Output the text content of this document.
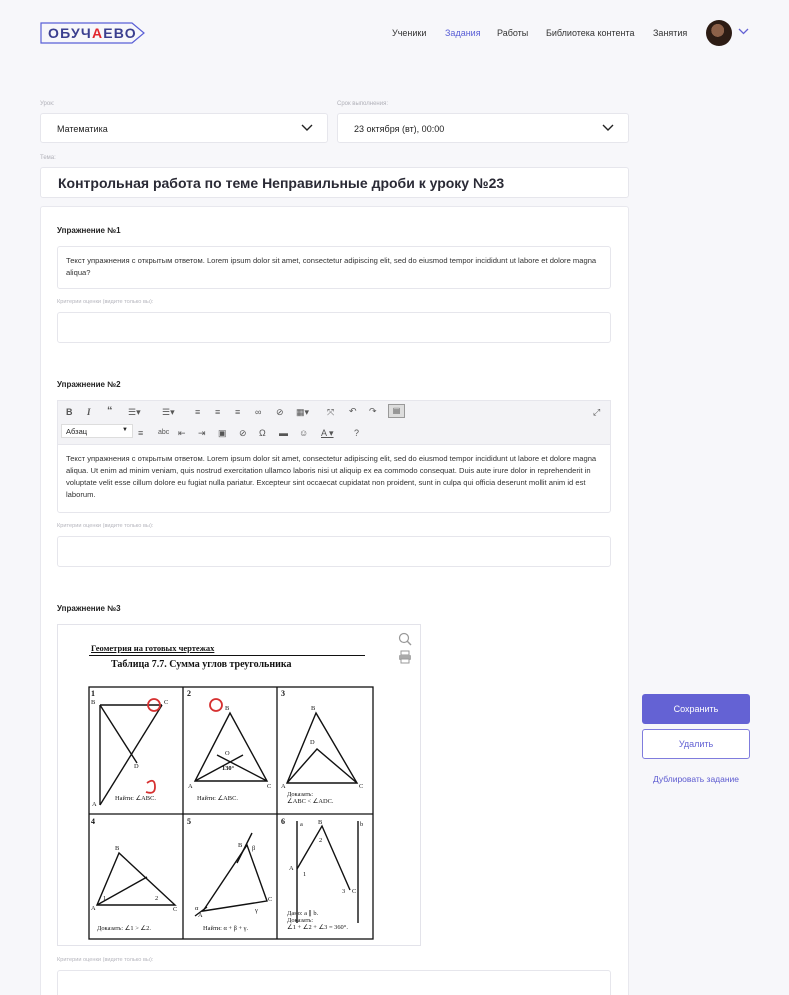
ОБУЧАЕВО	Ученики Задания Работы Библиотека контента Занятия
Урок:
Математика
Срок выполнения:
23 октября (вт), 00:00
Тема:
Контрольная работа по теме Неправильные дроби к уроку №23
Упражнение №1
Текст упражнения с открытым ответом. Lorem ipsum dolor sit amet, consectetur adipiscing elit, sed do eiusmod tempor incididunt ut labore et dolore magna aliqua?
Критерии оценки (видите только вы):
Упражнение №2
B I “ ☰▾ ☰▾ ≡ ≡ ≡ ∞ ⊘ ▦▾ ⤧ ↶ ↷	▤	⤢
≡ abc ⇤ ⇥ ▣ ⊘ Ω ▬ ☺ A ▾ ?
Абзац	▼
Текст упражнения с открытым ответом. Lorem ipsum dolor sit amet, consectetur adipiscing elit, sed do eiusmod tempor incididunt ut labore et dolore magna aliqua. Ut enim ad minim veniam, quis nostrud exercitation ullamco laboris nisi ut aliquip ex ea commodo consequat. Duis aute irure dolor in reprehenderit in voluptate velit esse cillum dolore eu fugiat nulla pariatur. Excepteur sint occaecat cupidatat non proident, sunt in culpa qui officia deserunt mollit anim id est laborum.
Критерии оценки (видите только вы):
Упражнение №3
Геометрия на готовых чертежах
Таблица 7.7. Сумма углов треугольника
1	2	3
4	5	6
B	C
D
A
B
O
A	C
130°
B
D
A	C
B
A	C
1	2
B
C
A
β
γ
α
a B	b
A
C
1
2
3
Найти: ∠ABC.	Найти: ∠ABC.
Доказать:
∠ABC < ∠ADC.
Доказать: ∠1 > ∠2.	Найти: α + β + γ.
Дано: a ∥ b.
Доказать:
∠1 + ∠2 + ∠3 = 360°.
Критерии оценки (видите только вы):
Сохранить
Удалить
Дублировать задание
